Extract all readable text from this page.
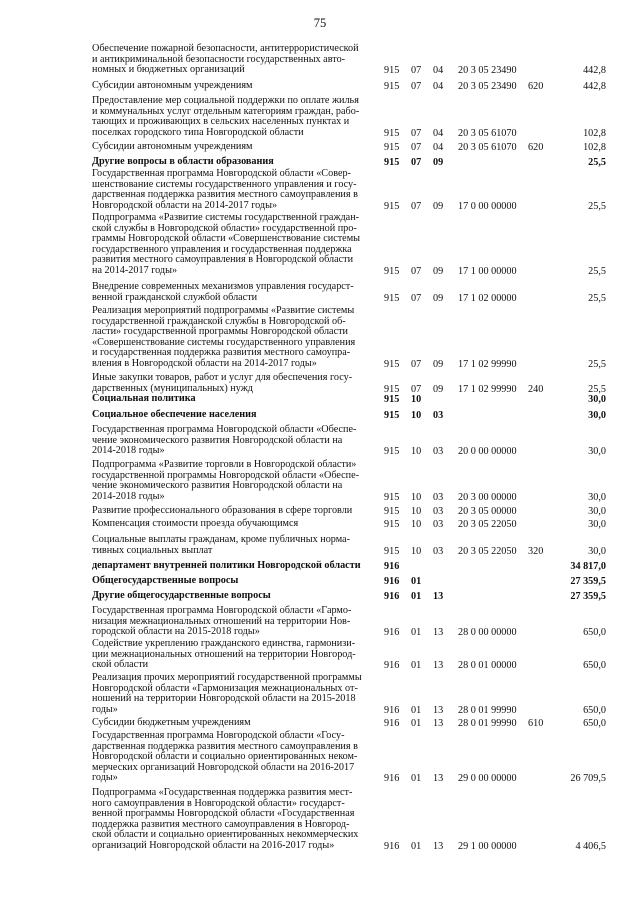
75
Обеспечение пожарной безопасности, антитеррористической
и антикриминальной безопасности государственных авто-
номных и бюджетных организаций	915 07 04 20 3 05 23490	442,8
Субсидии автономным учреждениям	915 07 04 20 3 05 23490 620	442,8
Предоставление мер социальной поддержки по оплате жилья
и коммунальных услуг отдельным категориям граждан, рабо-
тающих и проживающих в сельских населенных пунктах и
поселках городского типа Новгородской области	915 07 04 20 3 05 61070	102,8
Субсидии автономным учреждениям	915 07 04 20 3 05 61070 620	102,8
Другие вопросы в области образования	915 07 09	25,5
Государственная программа Новгородской области «Совер-
шенствование системы государственного управления и госу-
дарственная поддержка развития местного самоуправления в
Новгородской области на 2014-2017 годы»	915 07 09 17 0 00 00000	25,5
Подпрограмма «Развитие системы государственной граждан-
ской службы в Новгородской области» государственной про-
граммы Новгородской области «Совершенствование системы
государственного управления и государственная поддержка
развития местного самоуправления в Новгородской области
на 2014-2017 годы»	915 07 09 17 1 00 00000	25,5
Внедрение современных механизмов управления государст-
венной гражданской службой области	915 07 09 17 1 02 00000	25,5
Реализация мероприятий подпрограммы «Развитие системы
государственной гражданской службы в Новгородской об-
ласти» государственной программы Новгородской области
«Совершенствование системы государственного управления
и государственная поддержка развития местного самоупра-
вления в Новгородской области на 2014-2017 годы»	915 07 09 17 1 02 99990	25,5
Иные закупки товаров, работ и услуг для обеспечения госу-
дарственных (муниципальных) нужд	915 07 09 17 1 02 99990 240	25,5
Социальная политика	915 10	30,0
Социальное обеспечение населения	915 10 03	30,0
Государственная программа Новгородской области «Обеспе-
чение экономического развития Новгородской области на
2014-2018 годы»	915 10 03 20 0 00 00000	30,0
Подпрограмма «Развитие торговли в Новгородской области»
государственной программы Новгородской области «Обеспе-
чение экономического развития Новгородской области на
2014-2018 годы»	915 10 03 20 3 00 00000	30,0
Развитие профессионального образования в сфере торговли	915 10 03 20 3 05 00000	30,0
Компенсация стоимости проезда обучающимся	915 10 03 20 3 05 22050	30,0
Социальные выплаты гражданам, кроме публичных норма-
тивных социальных выплат	915 10 03 20 3 05 22050 320	30,0
департамент внутренней политики Новгородской области	916	34 817,0
Общегосударственные вопросы	916 01	27 359,5
Другие общегосударственные вопросы	916 01 13	27 359,5
Государственная программа Новгородской области «Гармо-
низация межнациональных отношений на территории Нов-
городской области на 2015-2018 годы»	916 01 13 28 0 00 00000	650,0
Содействие укреплению гражданского единства, гармонизи-
ции межнациональных отношений на территории Новгород-
ской области	916 01 13 28 0 01 00000	650,0
Реализация прочих мероприятий государственной программы
Новгородской области «Гармонизация межнациональных от-
ношений на территории Новгородской области на 2015-2018
годы»	916 01 13 28 0 01 99990	650,0
Субсидии бюджетным учреждениям	916 01 13 28 0 01 99990 610	650,0
Государственная программа Новгородской области «Госу-
дарственная поддержка развития местного самоуправления в
Новгородской области и социально ориентированных неком-
мерческих организаций Новгородской области на 2016-2017
годы»	916 01 13 29 0 00 00000	26 709,5
Подпрограмма «Государственная поддержка развития мест-
ного самоуправления в Новгородской области» государст-
венной программы Новгородской области «Государственная
поддержка развития местного самоуправления в Новгород-
ской области и социально ориентированных некоммерческих
организаций Новгородской области на 2016-2017 годы»	916 01 13 29 1 00 00000	4 406,5
